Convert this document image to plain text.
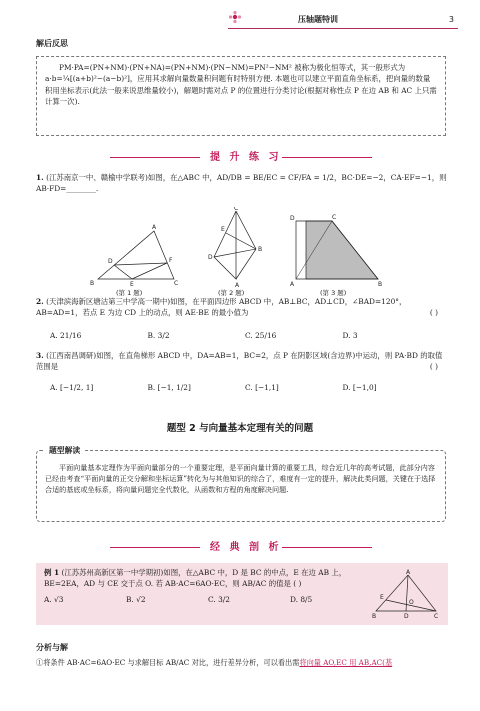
压轴题特训	3
解后反思

PM·PA=(PN+NM)·(PN+NA)=(PN+NM)·(PN−NM)=PN²−NM² 被称为极化恒等式，其一般形式为 a·b=¼[(a+b)²−(a−b)²]，应用其求解向量数量积问题有时特别方便. 本题也可以建立平面直角坐标系，把向量的数量积用坐标表示(此法一般来说思维量较小)，解题时需对点 P 的位置进行分类讨论(根据对称性点 P 在边 AB 和 AC 上只需计算一次).

提 升 练 习
1. (江苏南京一中、赣榆中学联考)如图，在△ABC 中，AD/DB = BE/EC = CF/FA = 1/2，BC·DE=−2，CA·EF=−1，则 AB·FD=________.
A
B	C
D
E
F
C
D
E
B
A
D	C
A	B
(第 1 题)	(第 2 题)	(第 3 题)
2. (天津滨海新区塘沽第三中学高一期中)如图，在平面四边形 ABCD 中，AB⊥BC，AD⊥CD，∠BAD=120°，AB=AD=1，若点 E 为边 CD 上的动点，则 AE·BE 的最小值为	( )
A. 21/16	B. 3/2	C. 25/16	D. 3
3. (江西南昌调研)如图，在直角梯形 ABCD 中，DA=AB=1，BC=2，点 P 在阴影区域(含边界)中运动，则 PA·BD 的取值范围是	( )
A. [−1/2, 1]	B. [−1, 1/2]	C. [−1,1]	D. [−1,0]
题型 2 与向量基本定理有关的问题
题型解读

平面向量基本定理作为平面向量部分的一个重要定理，是平面向量计算的重要工具，综合近几年的高考试题，此部分内容已经由考查“平面向量的正交分解和坐标运算”转化为与其他知识的综合了，难度有一定的提升，解决此类问题，关键在于选择合适的基底或坐标系，将向量问题完全代数化，从函数和方程的角度解决问题.

经 典 剖 析
例 1 (江苏苏州高新区第一中学期初)如图，在△ABC 中，D 是 BC 的中点，E 在边 AB 上，BE=2EA，AD 与 CE 交于点 O. 若 AB·AC=6AO·EC，则 AB/AC 的值是 ( )
A. √3	B. √2	C. 3/2	D. 8/5
A
B	C
D
E
O
分析与解
①将条件 AB·AC=6AO·EC 与求解目标 AB/AC 对比，进行差异分析，可以看出需将向量 AO,EC 用 AB,AC(基
